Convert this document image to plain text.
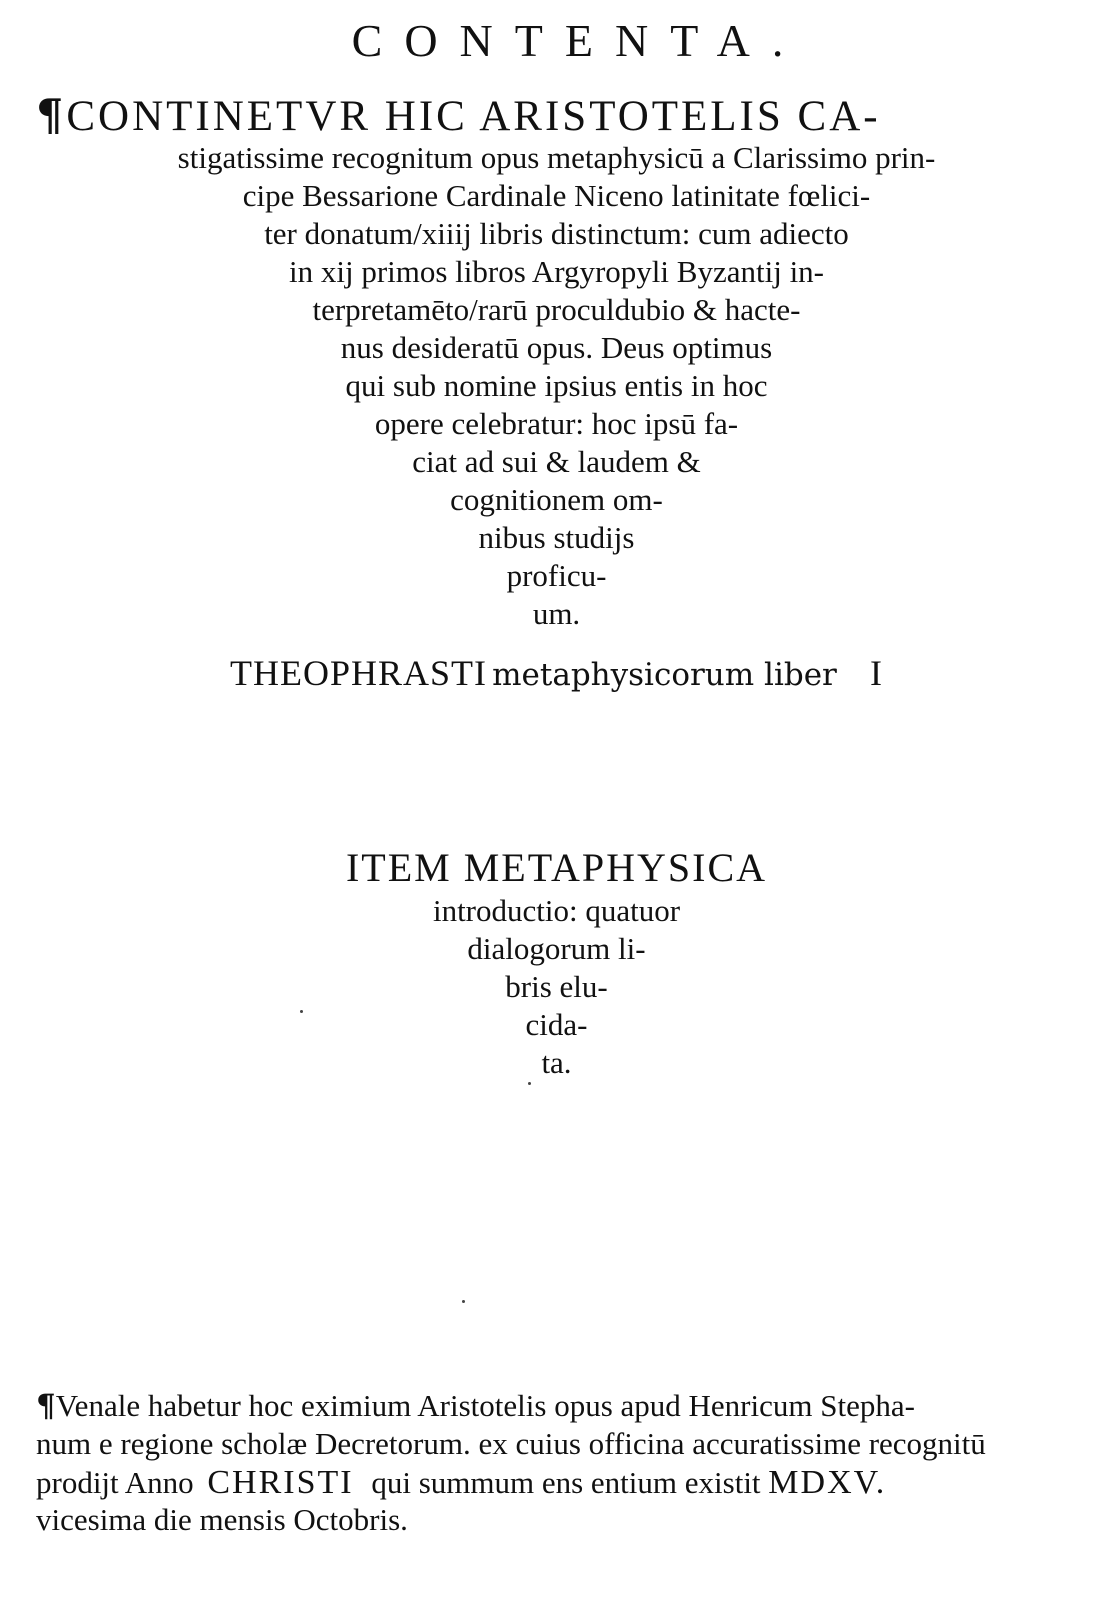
CONTENTA.
¶CONTINETVR HIC ARISTOTELIS CA-
stigatissime recognitum opus metaphysicū a Clarissimo prin-
cipe Bessarione Cardinale Niceno latinitate fœlici-
ter donatum/xiiij libris distinctum: cum adiecto
in xij primos libros Argyropyli Byzantij in-
terpretamēto/rarū proculdubio & hacte-
nus desideratū opus. Deus optimus
qui sub nomine ipsius entis in hoc
opere celebratur: hoc ipsū fa-
ciat ad sui & laudem &
cognitionem om-
nibus studijs
proficu-
um.
THEOPHRASTI metaphysicorum liber I
ITEM METAPHYSICA
introductio: quatuor
dialogorum li-
bris elu-
cida-
ta.
¶Venale habetur hoc eximium Aristotelis opus apud Henricum Stepha-
num e regione scholæ Decretorum. ex cuius officina accuratissime recognitū
prodijt Anno CHRISTI qui summum ens entium existit MDXV.
vicesima die mensis Octobris.
